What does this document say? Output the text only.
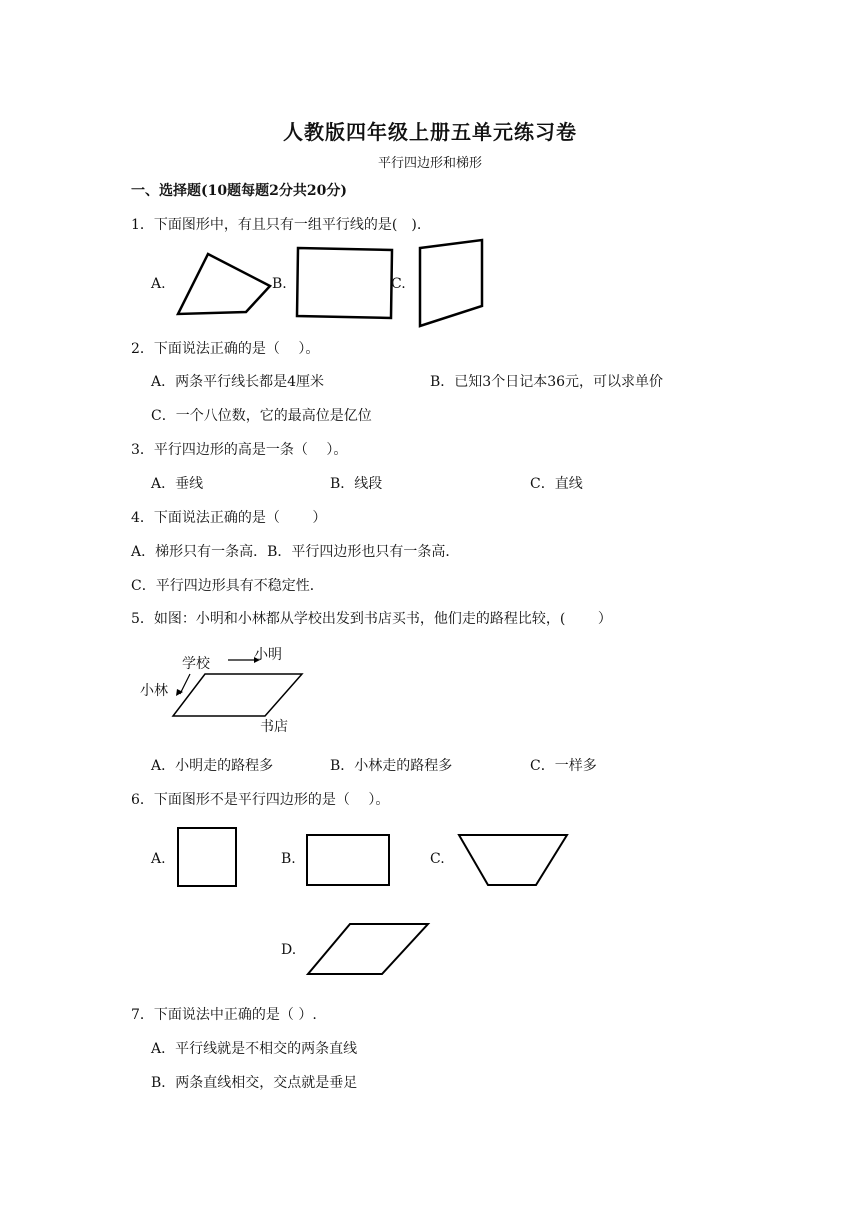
人教版四年级上册五单元练习卷
平行四边形和梯形
一、选择题(10题每题2分共20分)
1．下面图形中，有且只有一组平行线的是(　).
A.	B.	C.
2．下面说法正确的是（　 ）。
A．两条平行线长都是4厘米	B．已知3个日记本36元，可以求单价
C．一个八位数，它的最高位是亿位
3．平行四边形的高是一条（　 ）。
A．垂线	B．线段	C．直线
4．下面说法正确的是（　　 ）
A．梯形只有一条高．B．平行四边形也只有一条高．
C．平行四边形具有不稳定性．
5．如图：小明和小林都从学校出发到书店买书，他们走的路程比较，(　　 ）
学校
小明
小林
书店
A．小明走的路程多	B．小林走的路程多	C．一样多
6．下面图形不是平行四边形的是（　 ）。
A.	B.	C.
D.
7．下面说法中正确的是（ ）.
A．平行线就是不相交的两条直线
B．两条直线相交，交点就是垂足
